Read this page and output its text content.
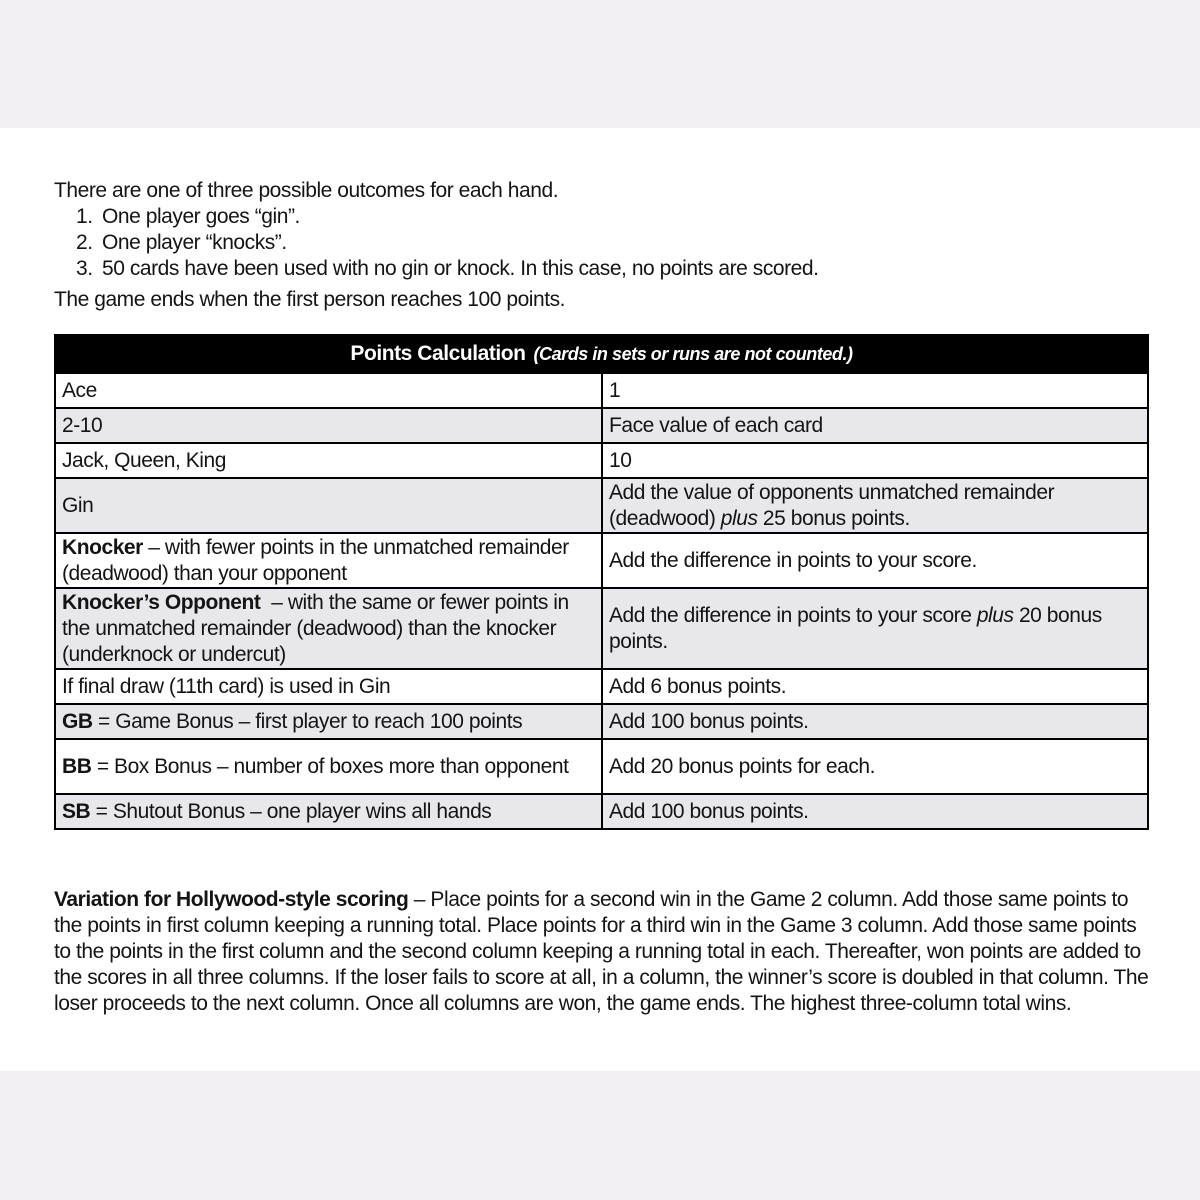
There are one of three possible outcomes for each hand.

1. One player goes “gin”.
2. One player “knocks”.
3. 50 cards have been used with no gin or knock. In this case, no points are scored.

The game ends when the first person reaches 100 points.

Points Calculation (Cards in sets or runs are not counted.)	
Ace	1
2-10	Face value of each card
Jack, Queen, King	10
Gin	Add the value of opponents unmatched remainder (deadwood) plus 25 bonus points.
Knocker – with fewer points in the unmatched remainder (deadwood) than your opponent	Add the difference in points to your score.
Knocker’s Opponent  – with the same or fewer points in the unmatched remainder (deadwood) than the knocker (underknock or undercut)	Add the difference in points to your score plus 20 bonus points.
If final draw (11th card) is used in Gin	Add 6 bonus points.
GB = Game Bonus – first player to reach 100 points	Add 100 bonus points.
BB = Box Bonus – number of boxes more than opponent	Add 20 bonus points for each.
SB = Shutout Bonus – one player wins all hands	Add 100 bonus points.

Variation for Hollywood-style scoring – Place points for a second win in the Game 2 column. Add those same points to the points in first column keeping a running total. Place points for a third win in the Game 3 column. Add those same points to the points in the first column and the second column keeping a running total in each. Thereafter, won points are added to the scores in all three columns. If the loser fails to score at all, in a column, the winner’s score is doubled in that column. The loser proceeds to the next column. Once all columns are won, the game ends. The highest three-column total wins.
